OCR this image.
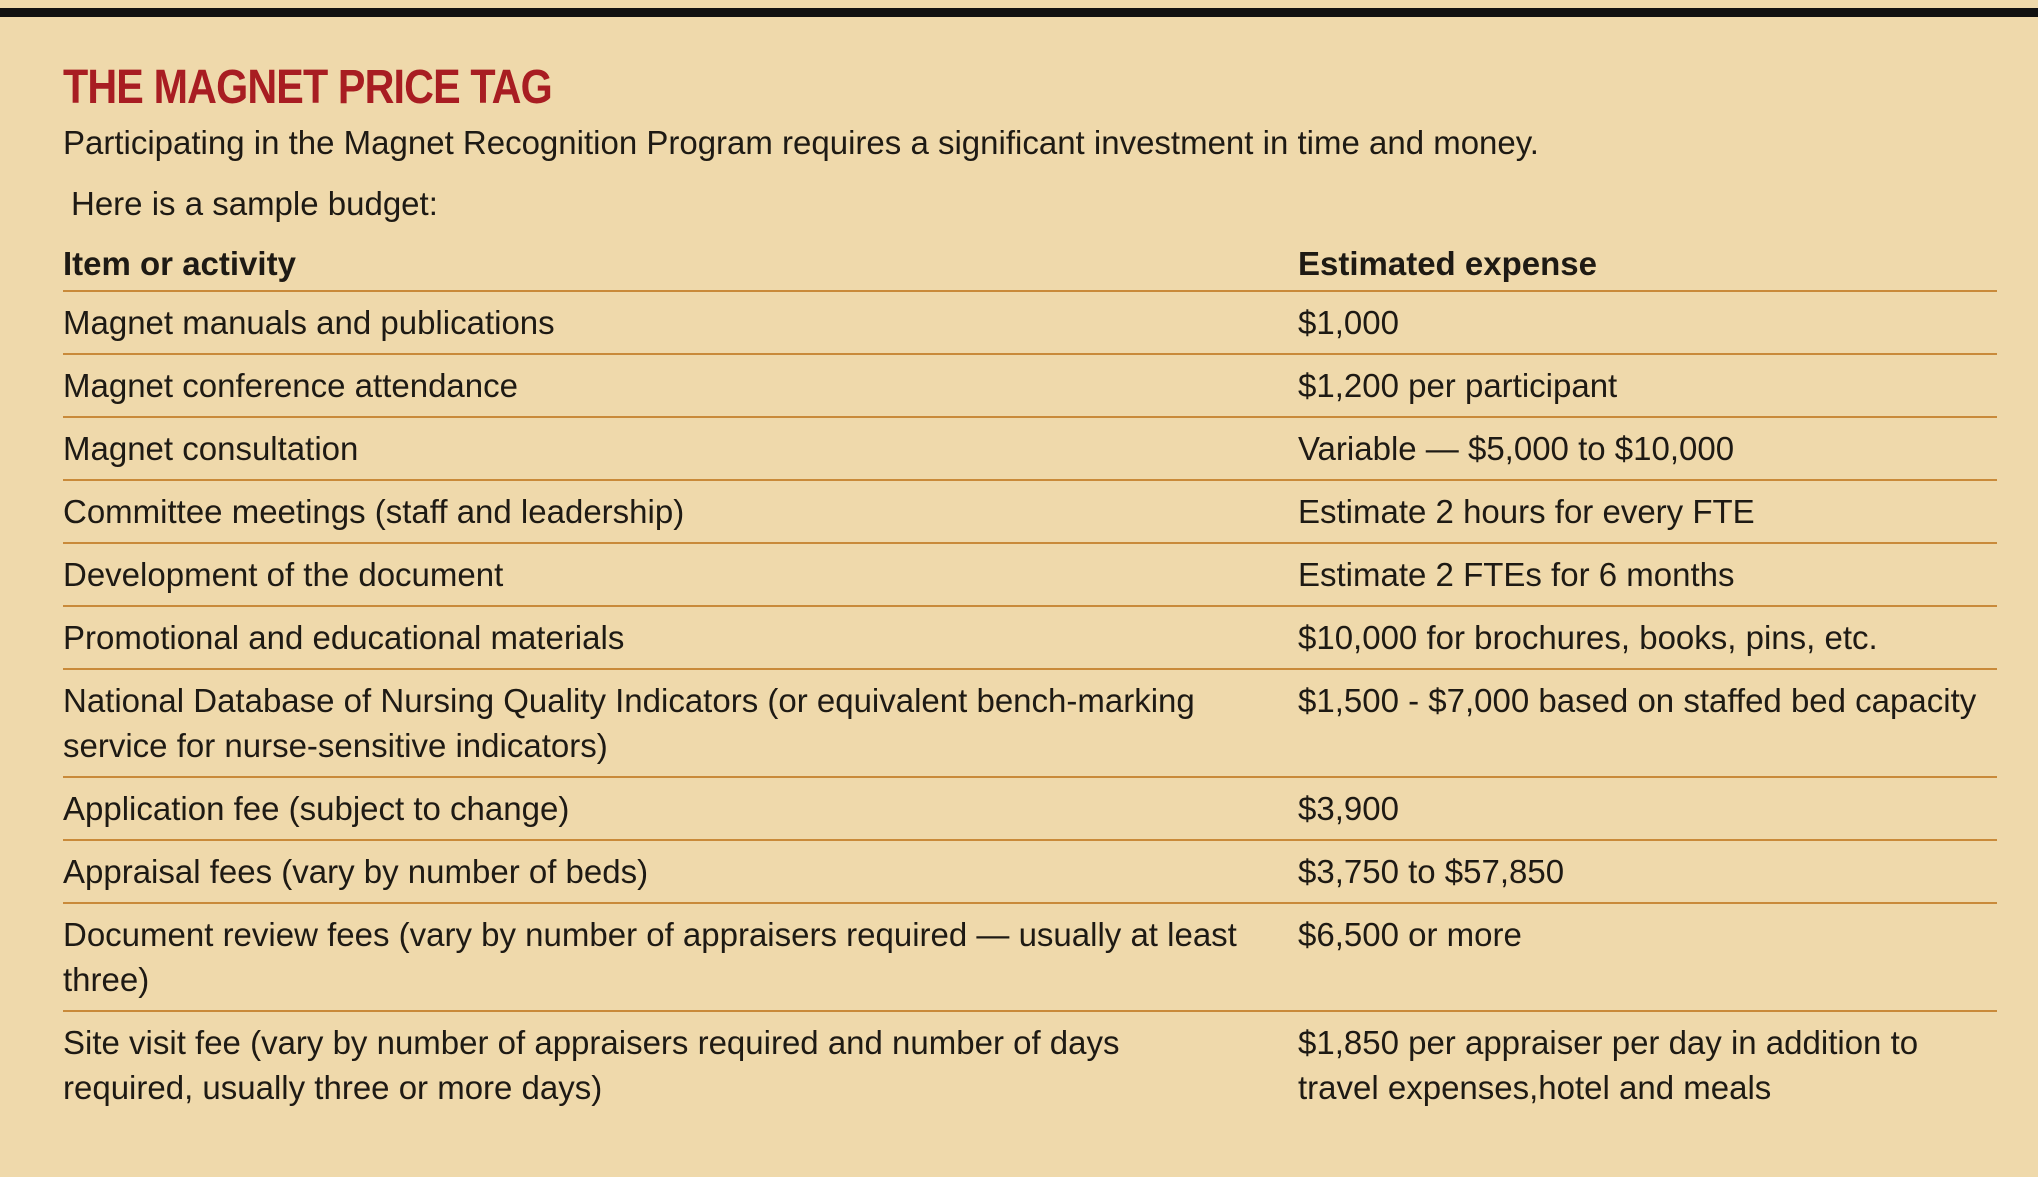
THE MAGNET PRICE TAG

Participating in the Magnet Recognition Program requires a significant investment in time and money.

Here is a sample budget:

Item or activity	Estimated expense
Magnet manuals and publications	$1,000
Magnet conference attendance	$1,200 per participant
Magnet consultation	Variable — $5,000 to $10,000
Committee meetings (staff and leadership)	Estimate 2 hours for every FTE
Development of the document	Estimate 2 FTEs for 6 months
Promotional and educational materials	$10,000 for brochures, books, pins, etc.
National Database of Nursing Quality Indicators (or equivalent bench-marking service for nurse-sensitive indicators)	$1,500 - $7,000 based on staffed bed capacity
Application fee (subject to change)	$3,900
Appraisal fees (vary by number of beds)	$3,750 to $57,850
Document review fees (vary by number of appraisers required — usually at least three)	$6,500 or more
Site visit fee (vary by number of appraisers required and number of days required, usually three or more days)	$1,850 per appraiser per day in addition to travel expenses,hotel and meals
